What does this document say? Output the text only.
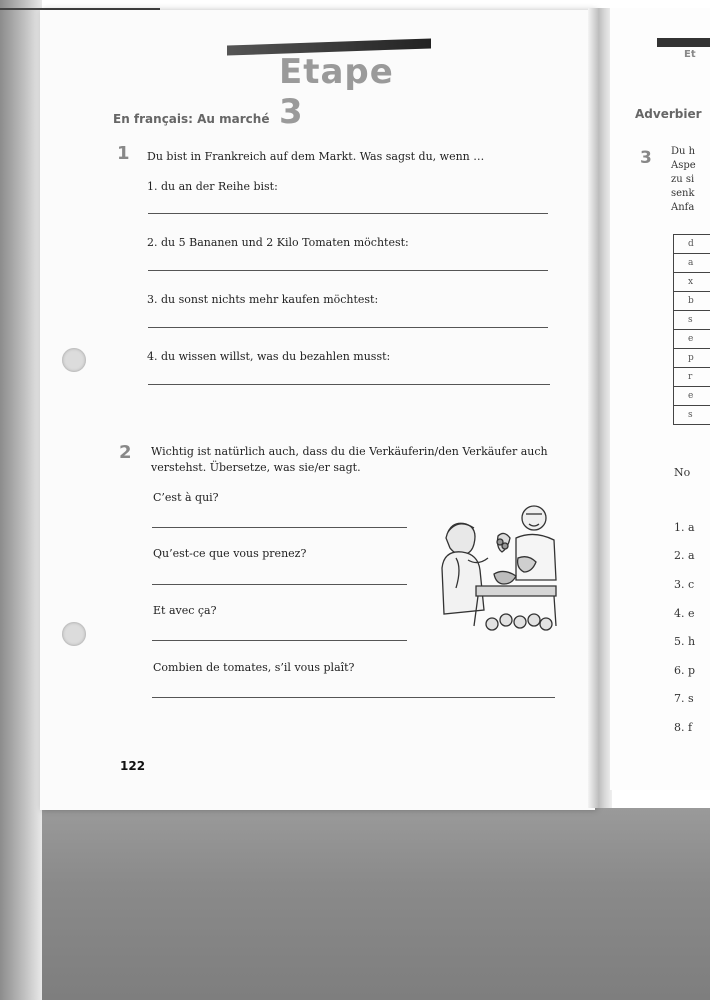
Etape 3
En français: Au marché
1 Du bist in Frankreich auf dem Markt. Was sagst du, wenn …
1. du an der Reihe bist:
2. du 5 Bananen und 2 Kilo Tomaten möchtest:
3. du sonst nichts mehr kaufen möchtest:
4. du wissen willst, was du bezahlen musst:
2 Wichtig ist natürlich auch, dass du die Verkäuferin/den Verkäufer auch
verstehst. Übersetze, was sie/er sagt.
C’est à qui?
Qu’est-ce que vous prenez?
Et avec ça?
Combien de tomates, s’il vous plaît?
122
Et
Adverbier
3 Du h
Aspe
zu si
senk
Anfa
d
a
x
b
s
e
p
r
e
s
No
1. a
2. a
3. c
4. e
5. h
6. p
7. s
8. f
